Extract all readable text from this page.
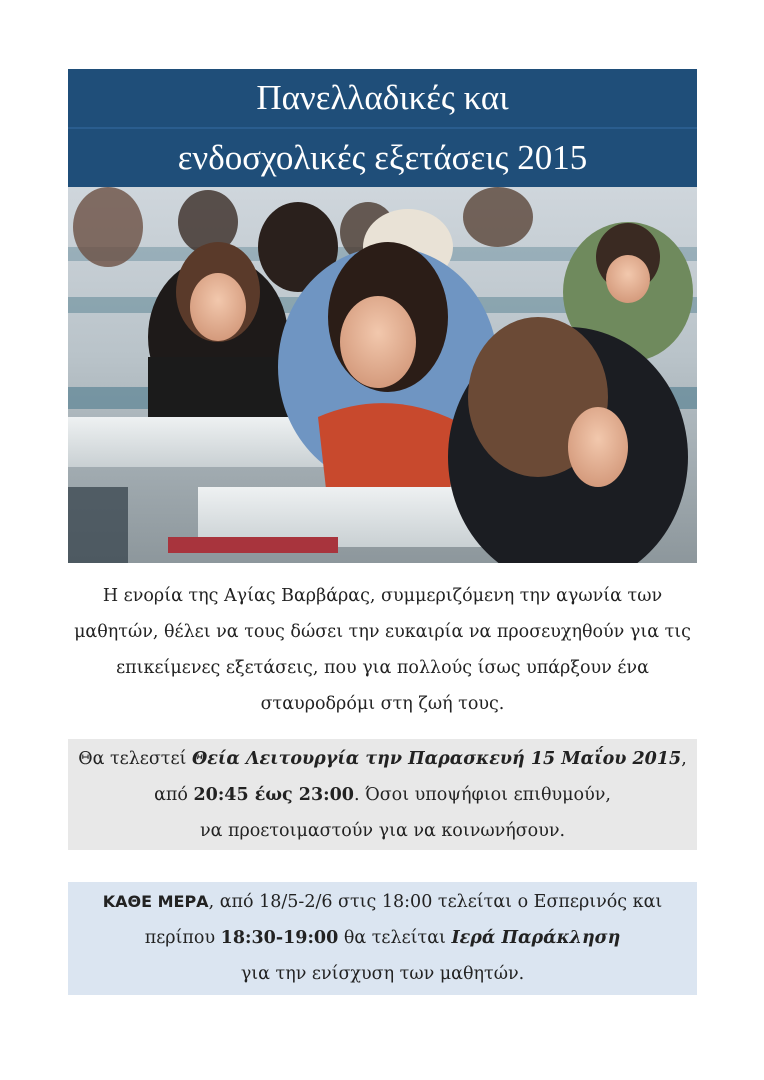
Πανελλαδικές και
ενδοσχολικές εξετάσεις 2015
Η ενορία της Αγίας Βαρβάρας, συμμεριζόμενη την αγωνία των
μαθητών, θέλει να τους δώσει την ευκαιρία να προσευχηθούν για τις
επικείμενες εξετάσεις, που για πολλούς ίσως υπάρξουν ένα
σταυροδρόμι στη ζωή τους.
Θα τελεστεί Θεία Λειτουργία την Παρασκευή 15 Μαΐου 2015,
από 20:45 έως 23:00. Όσοι υποψήφιοι επιθυμούν,
να προετοιμαστούν για να κοινωνήσουν.
ΚΑΘΕ ΜΕΡΑ, από 18/5-2/6 στις 18:00 τελείται ο Εσπερινός και
περίπου 18:30-19:00 θα τελείται Ιερά Παράκληση
για την ενίσχυση των μαθητών.
